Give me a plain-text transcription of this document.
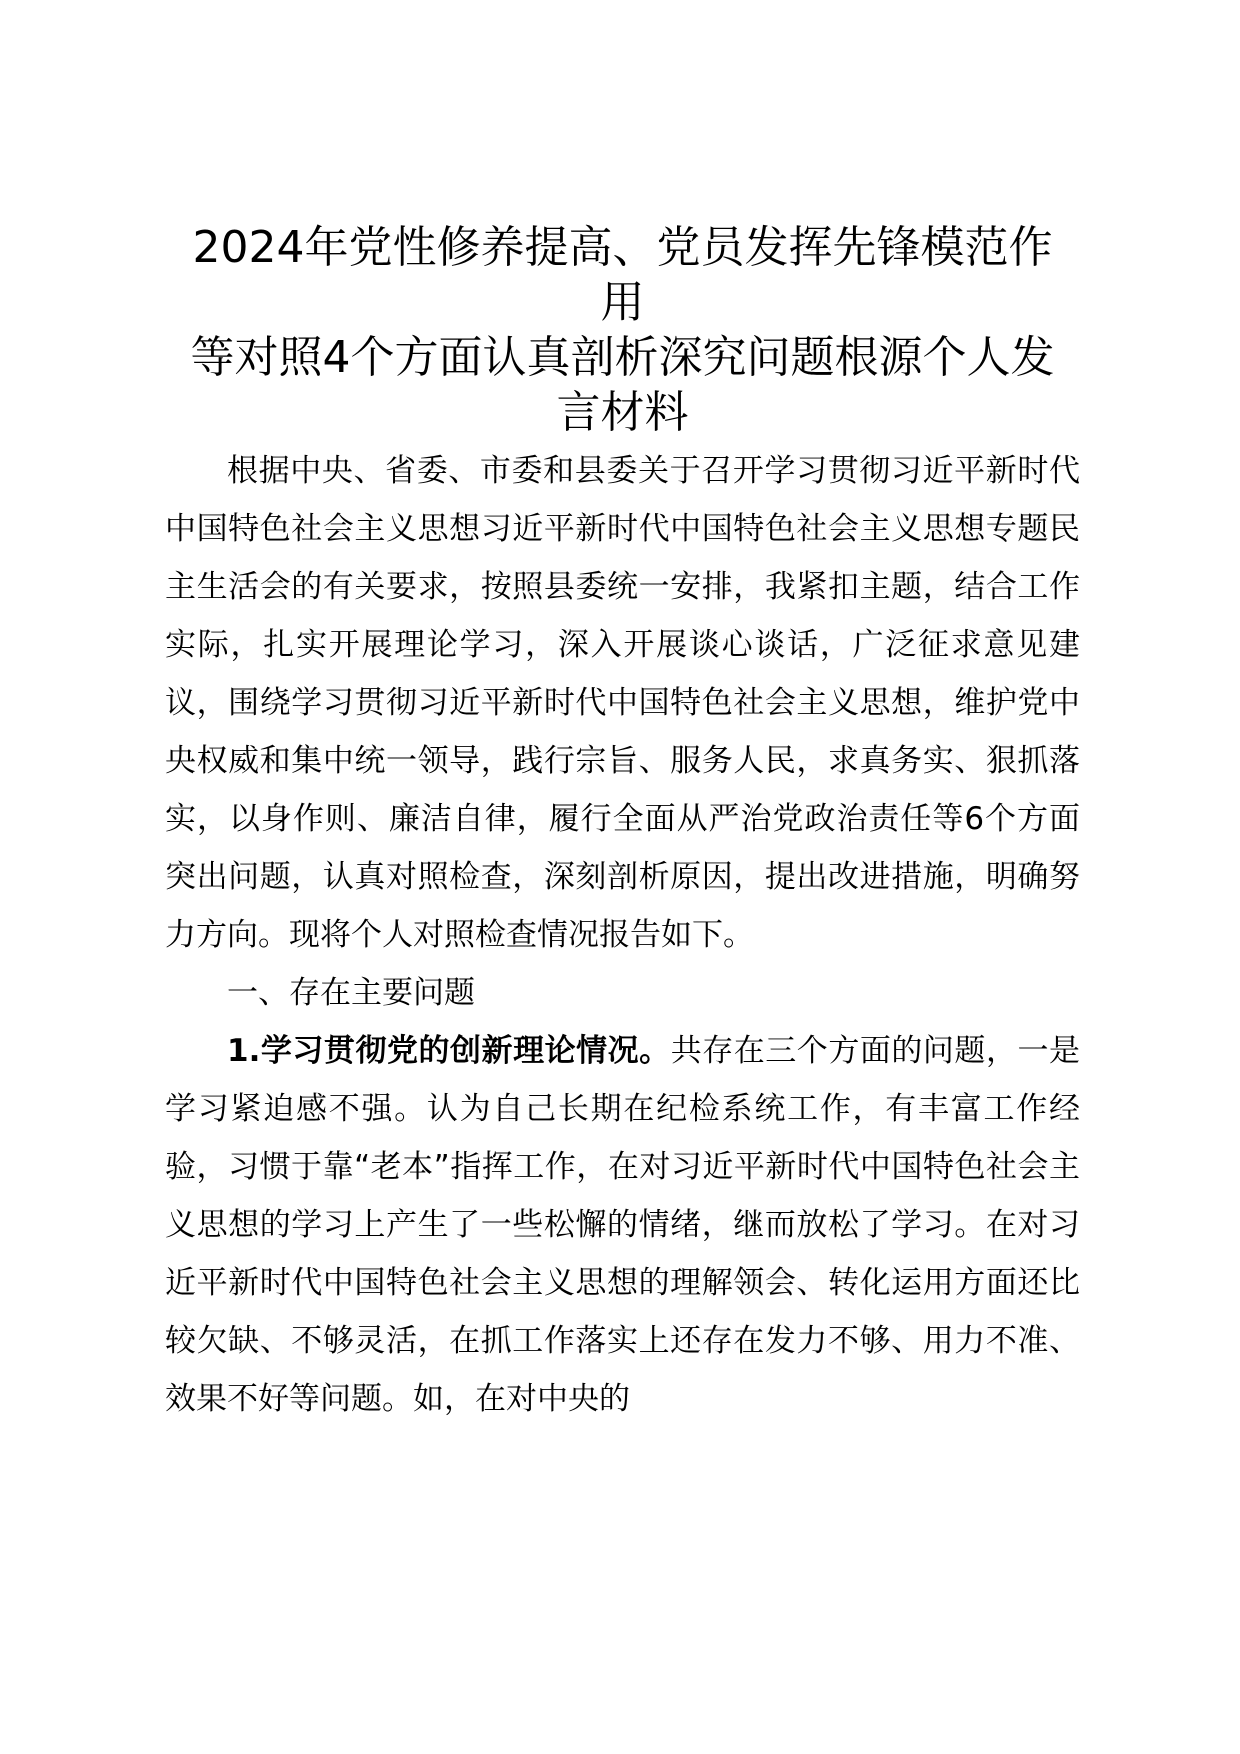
2024年党性修养提高、党员发挥先锋模范作
用
等对照4个方面认真剖析深究问题根源个人发
言材料

根据中央、省委、市委和县委关于召开学习贯彻习近平新时代中国特色社会主义思想习近平新时代中国特色社会主义思想专题民主生活会的有关要求，按照县委统一安排，我紧扣主题，结合工作实际，扎实开展理论学习，深入开展谈心谈话，广泛征求意见建议，围绕学习贯彻习近平新时代中国特色社会主义思想，维护党中央权威和集中统一领导，践行宗旨、服务人民，求真务实、狠抓落实，以身作则、廉洁自律，履行全面从严治党政治责任等6个方面突出问题，认真对照检查，深刻剖析原因，提出改进措施，明确努力方向。现将个人对照检查情况报告如下。

一、存在主要问题

1.学习贯彻党的创新理论情况。共存在三个方面的问题，一是学习紧迫感不强。认为自己长期在纪检系统工作，有丰富工作经验，习惯于靠“老本”指挥工作，在对习近平新时代中国特色社会主义思想的学习上产生了一些松懈的情绪，继而放松了学习。在对习近平新时代中国特色社会主义思想的理解领会、转化运用方面还比较欠缺、不够灵活，在抓工作落实上还存在发力不够、用力不准、效果不好等问题。如，在对中央的
